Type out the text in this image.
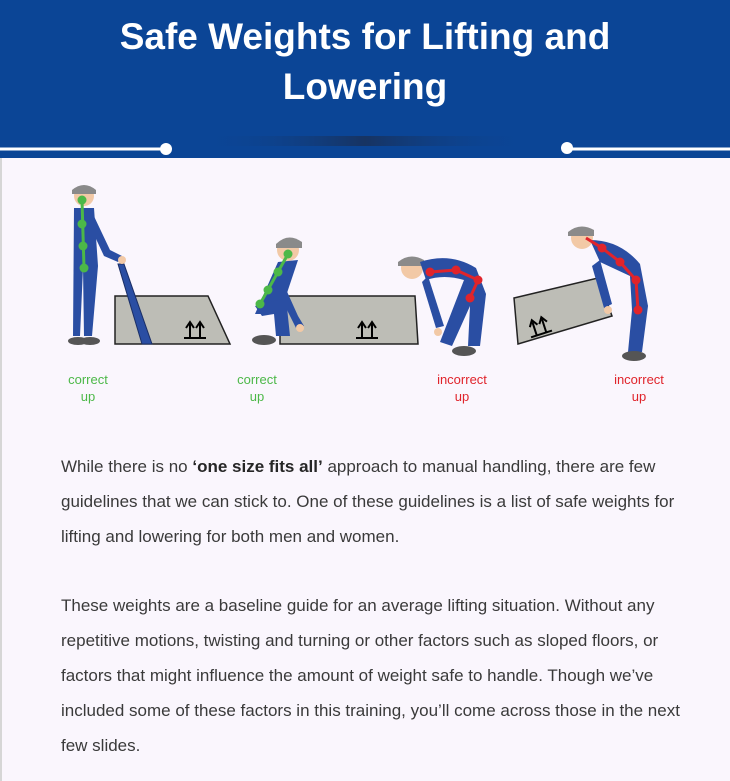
Safe Weights for Lifting and
Lowering
correct
up
correct
up
incorrect
up
incorrect
up

While there is no ‘one size fits all’ approach to manual handling, there are few guidelines that we can stick to. One of these guidelines is a list of safe weights for lifting and lowering for both men and women.

These weights are a baseline guide for an average lifting situation. Without any repetitive motions, twisting and turning or other factors such as sloped floors, or factors that might influence the amount of weight safe to handle. Though we’ve included some of these factors in this training, you’ll come across those in the next few slides.
